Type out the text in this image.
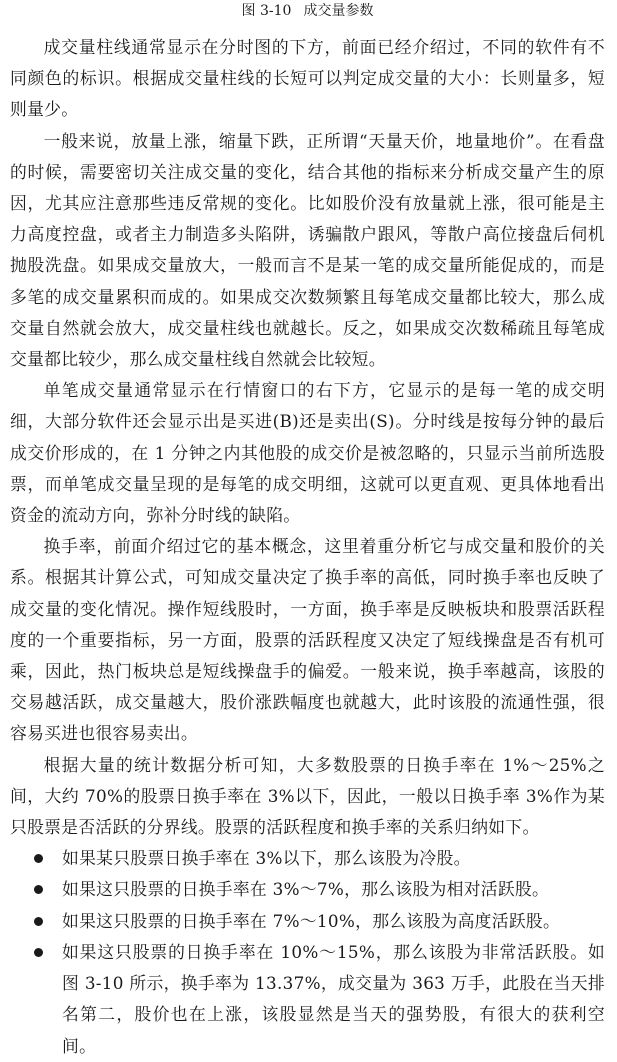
图 3-10 成交量参数

成交量柱线通常显示在分时图的下方，前面已经介绍过，不同的软件有不同颜色的标识。根据成交量柱线的长短可以判定成交量的大小：长则量多，短则量少。

一般来说，放量上涨，缩量下跌，正所谓“天量天价，地量地价”。在看盘的时候，需要密切关注成交量的变化，结合其他的指标来分析成交量产生的原因，尤其应注意那些违反常规的变化。比如股价没有放量就上涨，很可能是主力高度控盘，或者主力制造多头陷阱，诱骗散户跟风，等散户高位接盘后伺机抛股洗盘。如果成交量放大，一般而言不是某一笔的成交量所能促成的，而是多笔的成交量累积而成的。如果成交次数频繁且每笔成交量都比较大，那么成交量自然就会放大，成交量柱线也就越长。反之，如果成交次数稀疏且每笔成交量都比较少，那么成交量柱线自然就会比较短。

单笔成交量通常显示在行情窗口的右下方，它显示的是每一笔的成交明细，大部分软件还会显示出是买进(B)还是卖出(S)。分时线是按每分钟的最后成交价形成的，在 1 分钟之内其他股的成交价是被忽略的，只显示当前所选股票，而单笔成交量呈现的是每笔的成交明细，这就可以更直观、更具体地看出资金的流动方向，弥补分时线的缺陷。

换手率，前面介绍过它的基本概念，这里着重分析它与成交量和股价的关系。根据其计算公式，可知成交量决定了换手率的高低，同时换手率也反映了成交量的变化情况。操作短线股时，一方面，换手率是反映板块和股票活跃程度的一个重要指标，另一方面，股票的活跃程度又决定了短线操盘是否有机可乘，因此，热门板块总是短线操盘手的偏爱。一般来说，换手率越高，该股的交易越活跃，成交量越大，股价涨跌幅度也就越大，此时该股的流通性强，很容易买进也很容易卖出。

根据大量的统计数据分析可知，大多数股票的日换手率在 1%～25%之间，大约 70%的股票日换手率在 3%以下，因此，一般以日换手率 3%作为某只股票是否活跃的分界线。股票的活跃程度和换手率的关系归纳如下。

如果某只股票日换手率在 3%以下，那么该股为冷股。
如果这只股票的日换手率在 3%～7%，那么该股为相对活跃股。
如果这只股票的日换手率在 7%～10%，那么该股为高度活跃股。
如果这只股票的日换手率在 10%～15%，那么该股为非常活跃股。如图 3-10 所示，换手率为 13.37%，成交量为 363 万手，此股在当天排名第二，股价也在上涨，该股显然是当天的强势股，有很大的获利空间。
